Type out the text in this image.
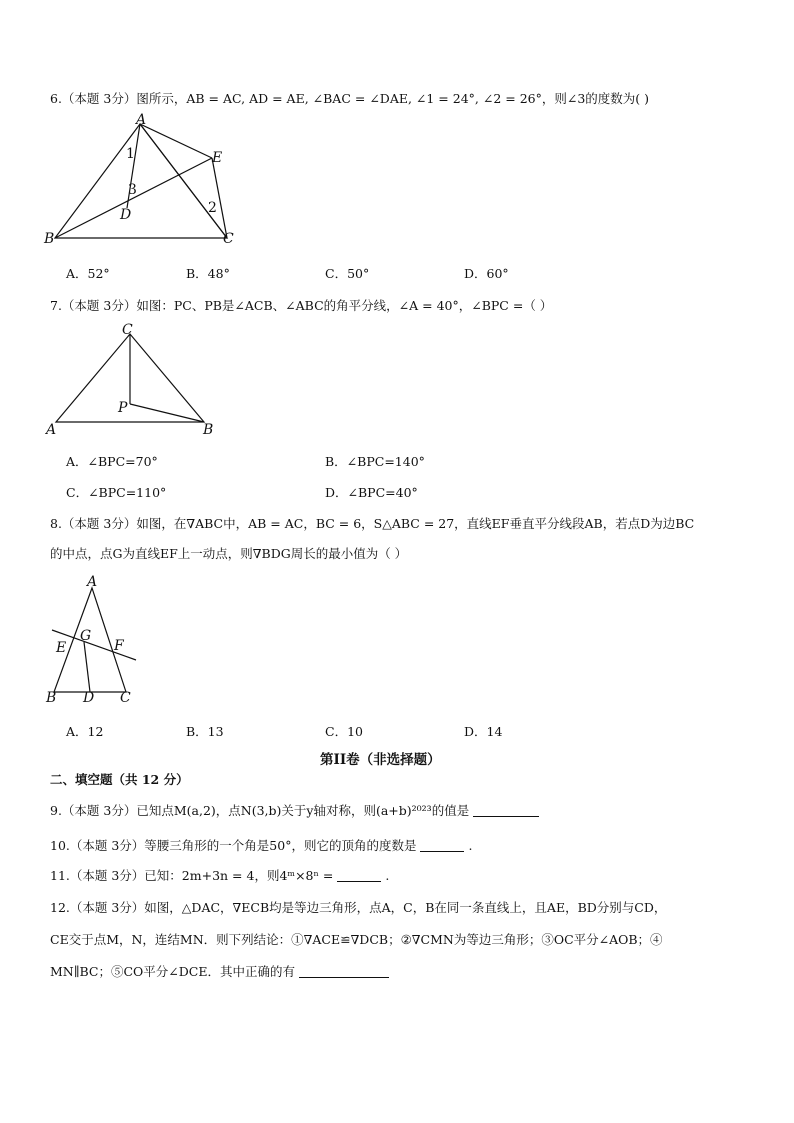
6.（本题 3分）图所示，AB = AC, AD = AE, ∠BAC = ∠DAE, ∠1 = 24°, ∠2 = 26°，则∠3的度数为( )
A
B	C
D
E
1
2
3
A．52°	B．48°	C．50°	D．60°
7.（本题 3分）如图：PC、PB是∠ACB、∠ABC的角平分线，∠A = 40°，∠BPC =（ ）
C
A	B
P
A．∠BPC=70°	B．∠BPC=140°
C．∠BPC=110°	D．∠BPC=40°
8.（本题 3分）如图，在∇ABC中，AB = AC，BC = 6，S△ABC = 27，直线EF垂直平分线段AB，若点D为边BC
的中点，点G为直线EF上一动点，则∇BDG周长的最小值为（ ）
A
B	C
D
E	F
G
A．12	B．13	C．10	D．14
第II卷（非选择题）
二、填空题（共 12 分）
9.（本题 3分）已知点M(a,2)，点N(3,b)关于y轴对称，则(a+b)²⁰²³的值是
10.（本题 3分）等腰三角形的一个角是50°，则它的顶角的度数是	.
11.（本题 3分）已知：2m+3n = 4，则4ᵐ×8ⁿ =	.
12.（本题 3分）如图，△DAC，∇ECB均是等边三角形，点A，C，B在同一条直线上，且AE，BD分别与CD，
CE交于点M，N，连结MN．则下列结论：①∇ACE≌∇DCB；②∇CMN为等边三角形；③OC平分∠AOB；④
MN∥BC；⑤CO平分∠DCE．其中正确的有
